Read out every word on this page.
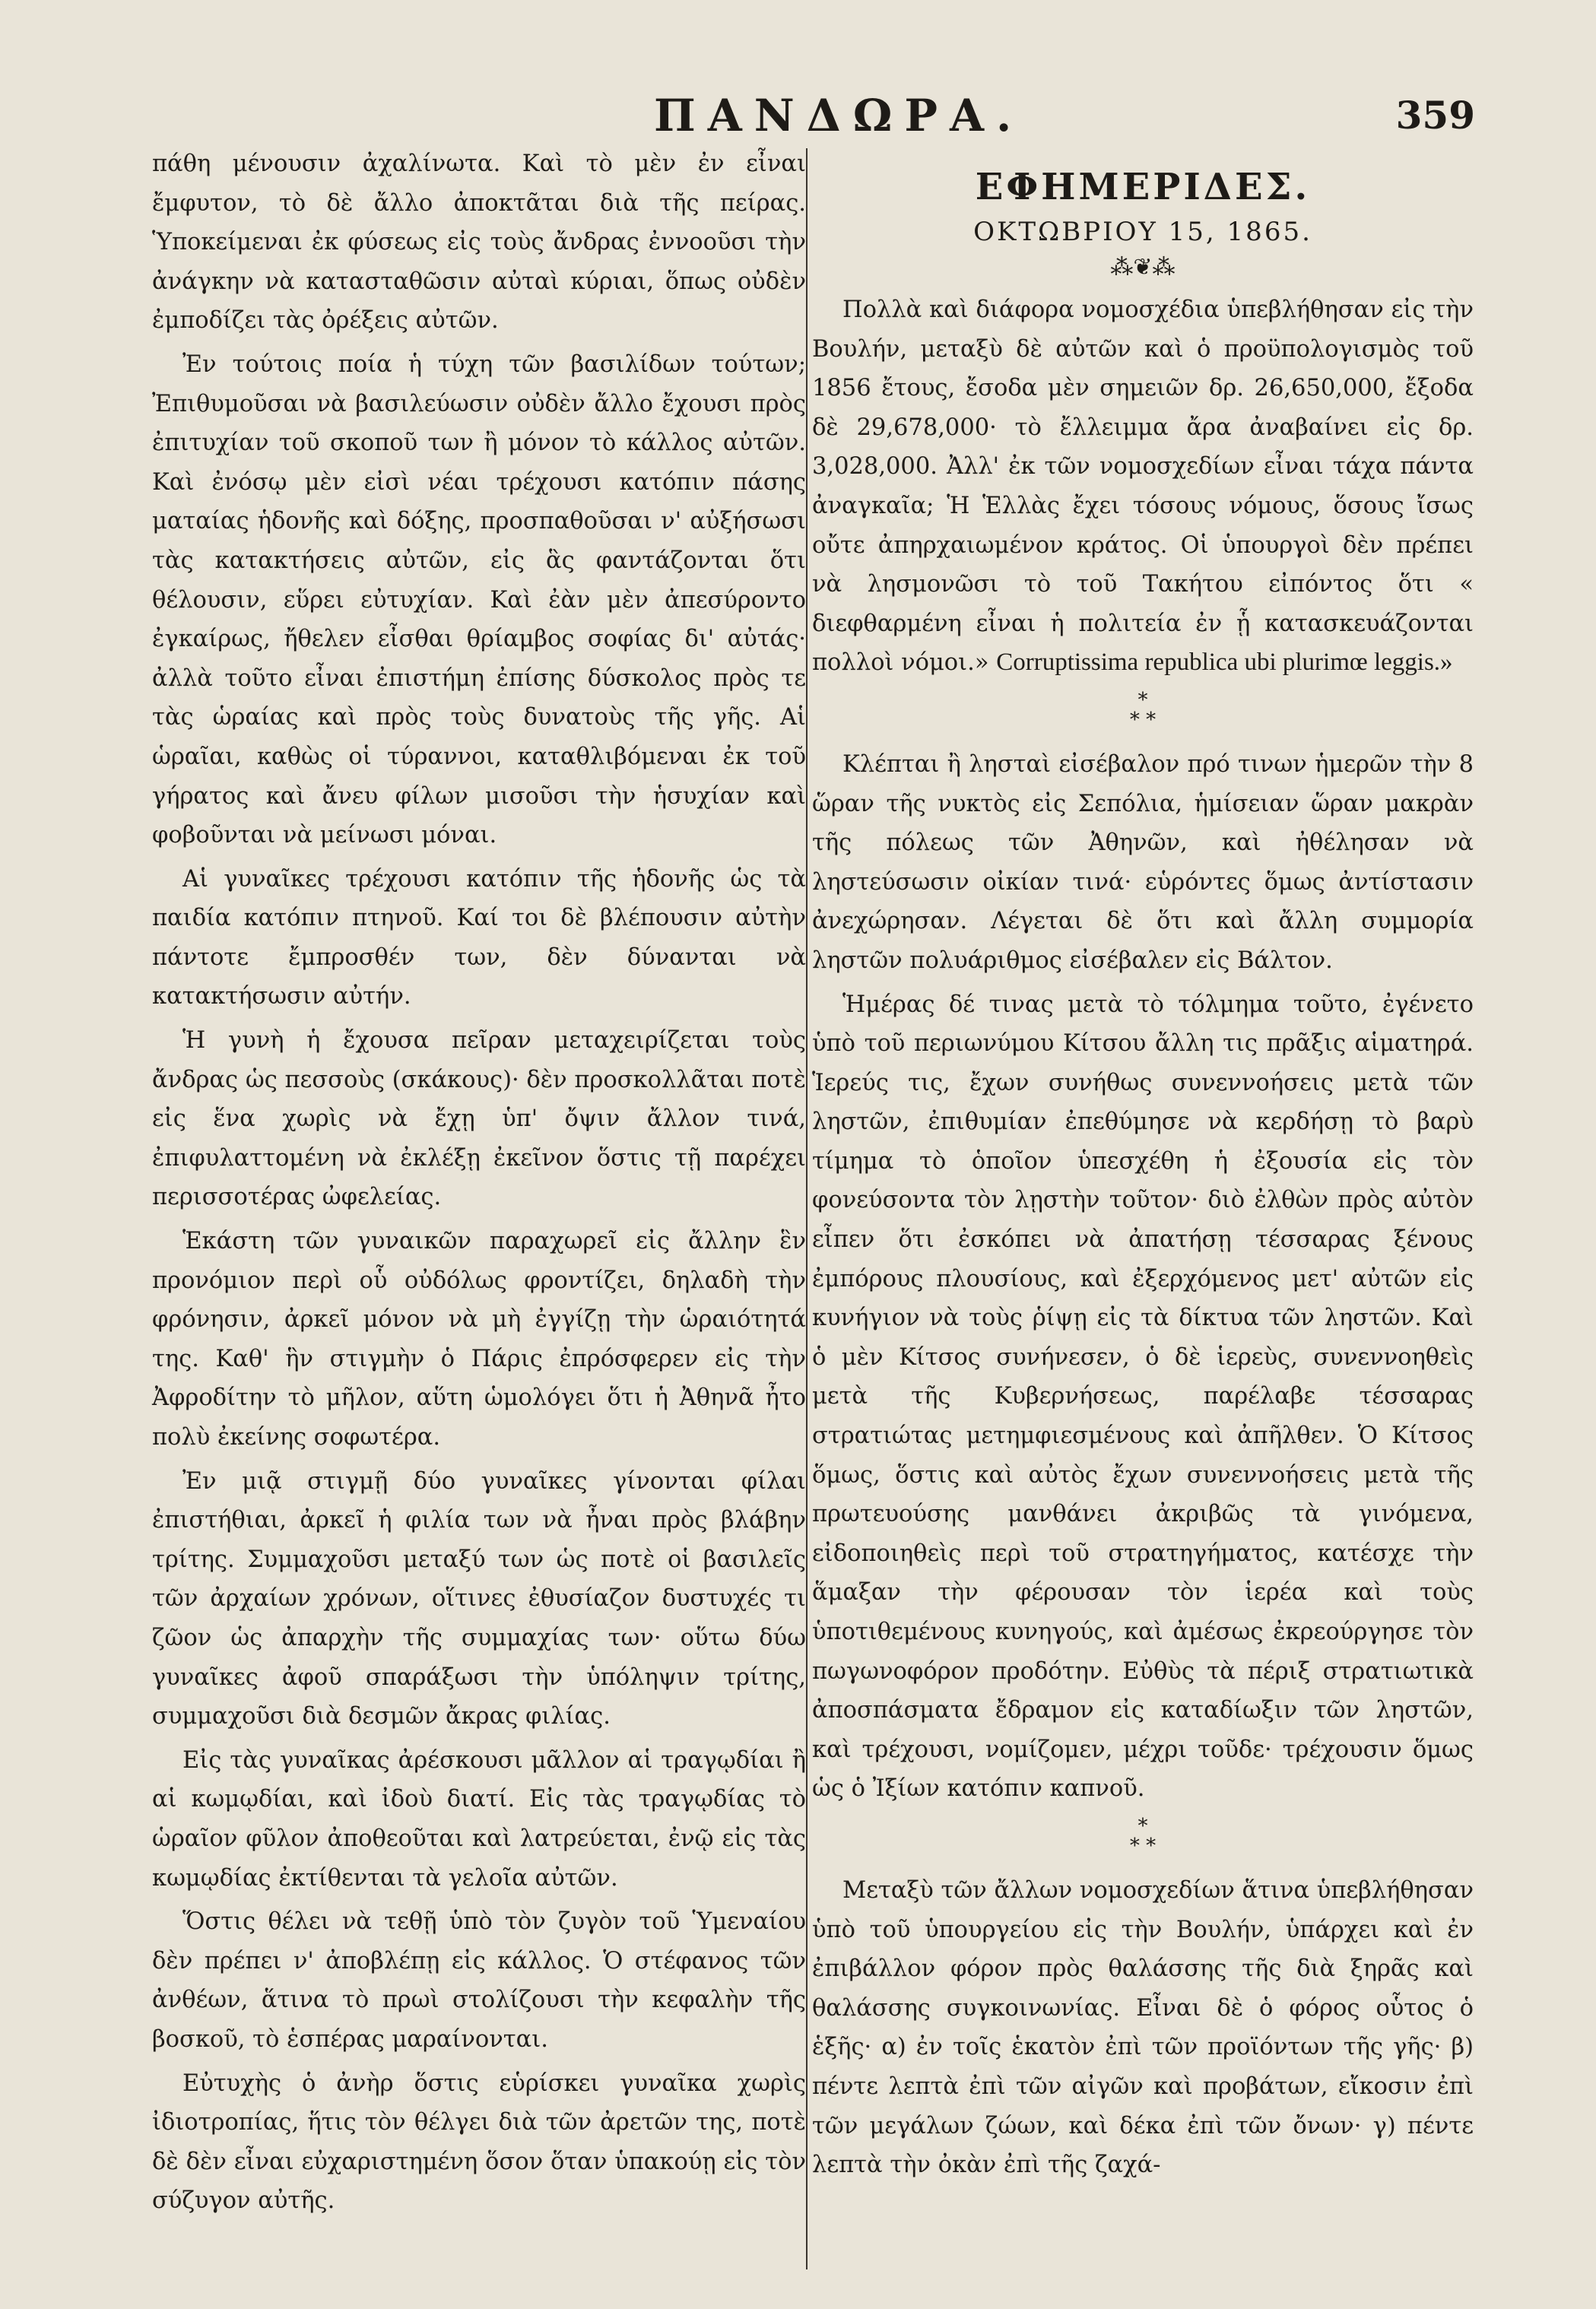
ΠΑΝΔΩΡΑ.	359

πάθη μένουσιν ἀχαλίνωτα. Καὶ τὸ μὲν ἐν εἶναι ἔμφυτον, τὸ δὲ ἄλλο ἀποκτᾶται διὰ τῆς πείρας. Ὑποκείμεναι ἐκ φύσεως εἰς τοὺς ἄνδρας ἐννοοῦσι τὴν ἀνάγκην νὰ κατασταθῶσιν αὐταὶ κύριαι, ὅπως οὐδὲν ἐμποδίζει τὰς ὀρέξεις αὐτῶν.

Ἐν τούτοις ποία ἡ τύχη τῶν βασιλίδων τούτων; Ἐπιθυμοῦσαι νὰ βασιλεύωσιν οὐδὲν ἄλλο ἔχουσι πρὸς ἐπιτυχίαν τοῦ σκοποῦ των ἢ μόνον τὸ κάλλος αὐτῶν. Καὶ ἐνόσῳ μὲν εἰσὶ νέαι τρέχουσι κατόπιν πάσης ματαίας ἡδονῆς καὶ δόξης, προσπαθοῦσαι ν' αὐξήσωσι τὰς κατακτήσεις αὐτῶν, εἰς ἃς φαντάζονται ὅτι θέλουσιν, εὕρει εὐτυχίαν. Καὶ ἐὰν μὲν ἀπεσύροντο ἐγκαίρως, ἤθελεν εἶσθαι θρίαμβος σοφίας δι' αὐτάς· ἀλλὰ τοῦτο εἶναι ἐπιστήμη ἐπίσης δύσκολος πρὸς τε τὰς ὡραίας καὶ πρὸς τοὺς δυνατοὺς τῆς γῆς. Αἱ ὡραῖαι, καθὼς οἱ τύραννοι, καταθλιβόμεναι ἐκ τοῦ γήρατος καὶ ἄνευ φίλων μισοῦσι τὴν ἡσυχίαν καὶ φοβοῦνται νὰ μείνωσι μόναι.

Αἱ γυναῖκες τρέχουσι κατόπιν τῆς ἡδονῆς ὡς τὰ παιδία κατόπιν πτηνοῦ. Καί τοι δὲ βλέπουσιν αὐτὴν πάντοτε ἔμπροσθέν των, δὲν δύνανται νὰ κατακτήσωσιν αὐτήν.

Ἡ γυνὴ ἡ ἔχουσα πεῖραν μεταχειρίζεται τοὺς ἄνδρας ὡς πεσσοὺς (σκάκους)· δὲν προσκολλᾶται ποτὲ εἰς ἕνα χωρὶς νὰ ἔχῃ ὑπ' ὄψιν ἄλλον τινά, ἐπιφυλαττομένη νὰ ἐκλέξῃ ἐκεῖνον ὅστις τῇ παρέχει περισσοτέρας ὠφελείας.

Ἑκάστη τῶν γυναικῶν παραχωρεῖ εἰς ἄλλην ἓν προνόμιον περὶ οὗ οὐδόλως φροντίζει, δηλαδὴ τὴν φρόνησιν, ἀρκεῖ μόνον νὰ μὴ ἐγγίζῃ τὴν ὡραιότητά της. Καθ' ἣν στιγμὴν ὁ Πάρις ἐπρόσφερεν εἰς τὴν Ἀφροδίτην τὸ μῆλον, αὕτη ὡμολόγει ὅτι ἡ Ἀθηνᾶ ἦτο πολὺ ἐκείνης σοφωτέρα.

Ἐν μιᾷ στιγμῇ δύο γυναῖκες γίνονται φίλαι ἐπιστήθιαι, ἀρκεῖ ἡ φιλία των νὰ ἦναι πρὸς βλάβην τρίτης. Συμμαχοῦσι μεταξύ των ὡς ποτὲ οἱ βασιλεῖς τῶν ἀρχαίων χρόνων, οἵτινες ἐθυσίαζον δυστυχές τι ζῶον ὡς ἀπαρχὴν τῆς συμμαχίας των· οὕτω δύω γυναῖκες ἀφοῦ σπαράξωσι τὴν ὑπόληψιν τρίτης, συμμαχοῦσι διὰ δεσμῶν ἄκρας φιλίας.

Εἰς τὰς γυναῖκας ἀρέσκουσι μᾶλλον αἱ τραγῳδίαι ἢ αἱ κωμῳδίαι, καὶ ἰδοὺ διατί. Εἰς τὰς τραγῳδίας τὸ ὡραῖον φῦλον ἀποθεοῦται καὶ λατρεύεται, ἐνῷ εἰς τὰς κωμῳδίας ἐκτίθενται τὰ γελοῖα αὐτῶν.

Ὅστις θέλει νὰ τεθῇ ὑπὸ τὸν ζυγὸν τοῦ Ὑμεναίου δὲν πρέπει ν' ἀποβλέπῃ εἰς κάλλος. Ὁ στέφανος τῶν ἀνθέων, ἅτινα τὸ πρωὶ στολίζουσι τὴν κεφαλὴν τῆς βοσκοῦ, τὸ ἑσπέρας μαραίνονται.

Εὐτυχὴς ὁ ἀνὴρ ὅστις εὑρίσκει γυναῖκα χωρὶς ἰδιοτροπίας, ἥτις τὸν θέλγει διὰ τῶν ἀρετῶν της, ποτὲ δὲ δὲν εἶναι εὐχαριστημένη ὅσον ὅταν ὑπακούῃ εἰς τὸν σύζυγον αὐτῆς.

ΕΦΗΜΕΡΙΔΕΣ.
ΟΚΤΩΒΡΙΟΥ 15, 1865.
⁂❦⁂

Πολλὰ καὶ διάφορα νομοσχέδια ὑπεβλήθησαν εἰς τὴν Βουλήν, μεταξὺ δὲ αὐτῶν καὶ ὁ προϋπολογισμὸς τοῦ 1856 ἔτους, ἔσοδα μὲν σημειῶν δρ. 26,650,000, ἔξοδα δὲ 29,678,000· τὸ ἔλλειμμα ἄρα ἀναβαίνει εἰς δρ. 3,028,000. Ἀλλ' ἐκ τῶν νομοσχεδίων εἶναι τάχα πάντα ἀναγκαῖα; Ἡ Ἑλλὰς ἔχει τόσους νόμους, ὅσους ἴσως οὔτε ἀπηρχαιωμένον κράτος. Οἱ ὑπουργοὶ δὲν πρέπει νὰ λησμονῶσι τὸ τοῦ Τακήτου εἰπόντος ὅτι « διεφθαρμένη εἶναι ἡ πολιτεία ἐν ᾗ κατασκευάζονται πολλοὶ νόμοι.» Corruptissima republica ubi plurimœ leggis.»

*
* *

Κλέπται ἢ λησταὶ εἰσέβαλον πρό τινων ἡμερῶν τὴν 8 ὥραν τῆς νυκτὸς εἰς Σεπόλια, ἡμίσειαν ὥραν μακρὰν τῆς πόλεως τῶν Ἀθηνῶν, καὶ ἠθέλησαν νὰ ληστεύσωσιν οἰκίαν τινά· εὑρόντες ὅμως ἀντίστασιν ἀνεχώρησαν. Λέγεται δὲ ὅτι καὶ ἄλλη συμμορία ληστῶν πολυάριθμος εἰσέβαλεν εἰς Βάλτον.

Ἡμέρας δέ τινας μετὰ τὸ τόλμημα τοῦτο, ἐγένετο ὑπὸ τοῦ περιωνύμου Κίτσου ἄλλη τις πρᾶξις αἱματηρά. Ἱερεύς τις, ἔχων συνήθως συνεννοήσεις μετὰ τῶν ληστῶν, ἐπιθυμίαν ἐπεθύμησε νὰ κερδήσῃ τὸ βαρὺ τίμημα τὸ ὁποῖον ὑπεσχέθη ἡ ἐξουσία εἰς τὸν φονεύσοντα τὸν λῃστὴν τοῦτον· διὸ ἐλθὼν πρὸς αὐτὸν εἶπεν ὅτι ἐσκόπει νὰ ἀπατήσῃ τέσσαρας ξένους ἐμπόρους πλουσίους, καὶ ἐξερχόμενος μετ' αὐτῶν εἰς κυνήγιον νὰ τοὺς ῥίψῃ εἰς τὰ δίκτυα τῶν ληστῶν. Καὶ ὁ μὲν Κίτσος συνήνεσεν, ὁ δὲ ἱερεὺς, συνεννοηθεὶς μετὰ τῆς Κυβερνήσεως, παρέλαβε τέσσαρας στρατιώτας μετημφιεσμένους καὶ ἀπῆλθεν. Ὁ Κίτσος ὅμως, ὅστις καὶ αὐτὸς ἔχων συνεννοήσεις μετὰ τῆς πρωτευούσης μανθάνει ἀκριβῶς τὰ γινόμενα, εἰδοποιηθεὶς περὶ τοῦ στρατηγήματος, κατέσχε τὴν ἅμαξαν τὴν φέρουσαν τὸν ἱερέα καὶ τοὺς ὑποτιθεμένους κυνηγούς, καὶ ἀμέσως ἐκρεούργησε τὸν πωγωνοφόρον προδότην. Εὐθὺς τὰ πέριξ στρατιωτικὰ ἀποσπάσματα ἔδραμον εἰς καταδίωξιν τῶν ληστῶν, καὶ τρέχουσι, νομίζομεν, μέχρι τοῦδε· τρέχουσιν ὅμως ὡς ὁ Ἰξίων κατόπιν καπνοῦ.

*
* *

Μεταξὺ τῶν ἄλλων νομοσχεδίων ἅτινα ὑπεβλήθησαν ὑπὸ τοῦ ὑπουργείου εἰς τὴν Βουλήν, ὑπάρχει καὶ ἐν ἐπιβάλλον φόρον πρὸς θαλάσσης τῆς διὰ ξηρᾶς καὶ θαλάσσης συγκοινωνίας. Εἶναι δὲ ὁ φόρος οὗτος ὁ ἑξῆς· α) ἐν τοῖς ἑκατὸν ἐπὶ τῶν προϊόντων τῆς γῆς· β) πέντε λεπτὰ ἐπὶ τῶν αἰγῶν καὶ προβάτων, εἴκοσιν ἐπὶ τῶν μεγάλων ζώων, καὶ δέκα ἐπὶ τῶν ὄνων· γ) πέντε λεπτὰ τὴν ὀκὰν ἐπὶ τῆς ζαχά-
